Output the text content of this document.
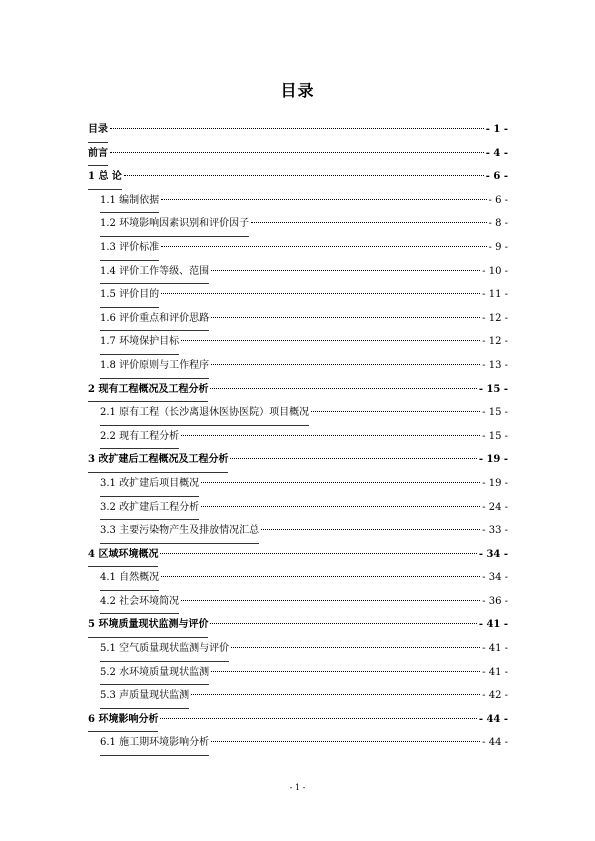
目录
目录	- 1 -
前言	- 4 -
1 总 论	- 6 -
1.1 编制依据	- 6 -
1.2 环境影响因素识别和评价因子	- 8 -
1.3 评价标准	- 9 -
1.4 评价工作等级、范围	- 10 -
1.5 评价目的	- 11 -
1.6 评价重点和评价思路	- 12 -
1.7 环境保护目标	- 12 -
1.8 评价原则与工作程序	- 13 -
2 现有工程概况及工程分析	- 15 -
2.1 原有工程（长沙离退休医协医院）项目概况	- 15 -
2.2 现有工程分析	- 15 -
3 改扩建后工程概况及工程分析	- 19 -
3.1 改扩建后项目概况	- 19 -
3.2 改扩建后工程分析	- 24 -
3.3 主要污染物产生及排放情况汇总	- 33 -
4 区域环境概况	- 34 -
4.1 自然概况	- 34 -
4.2 社会环境简况	- 36 -
5 环境质量现状监测与评价	- 41 -
5.1 空气质量现状监测与评价	- 41 -
5.2 水环境质量现状监测	- 41 -
5.3 声质量现状监测	- 42 -
6 环境影响分析	- 44 -
6.1 施工期环境影响分析	- 44 -
- 1 -
